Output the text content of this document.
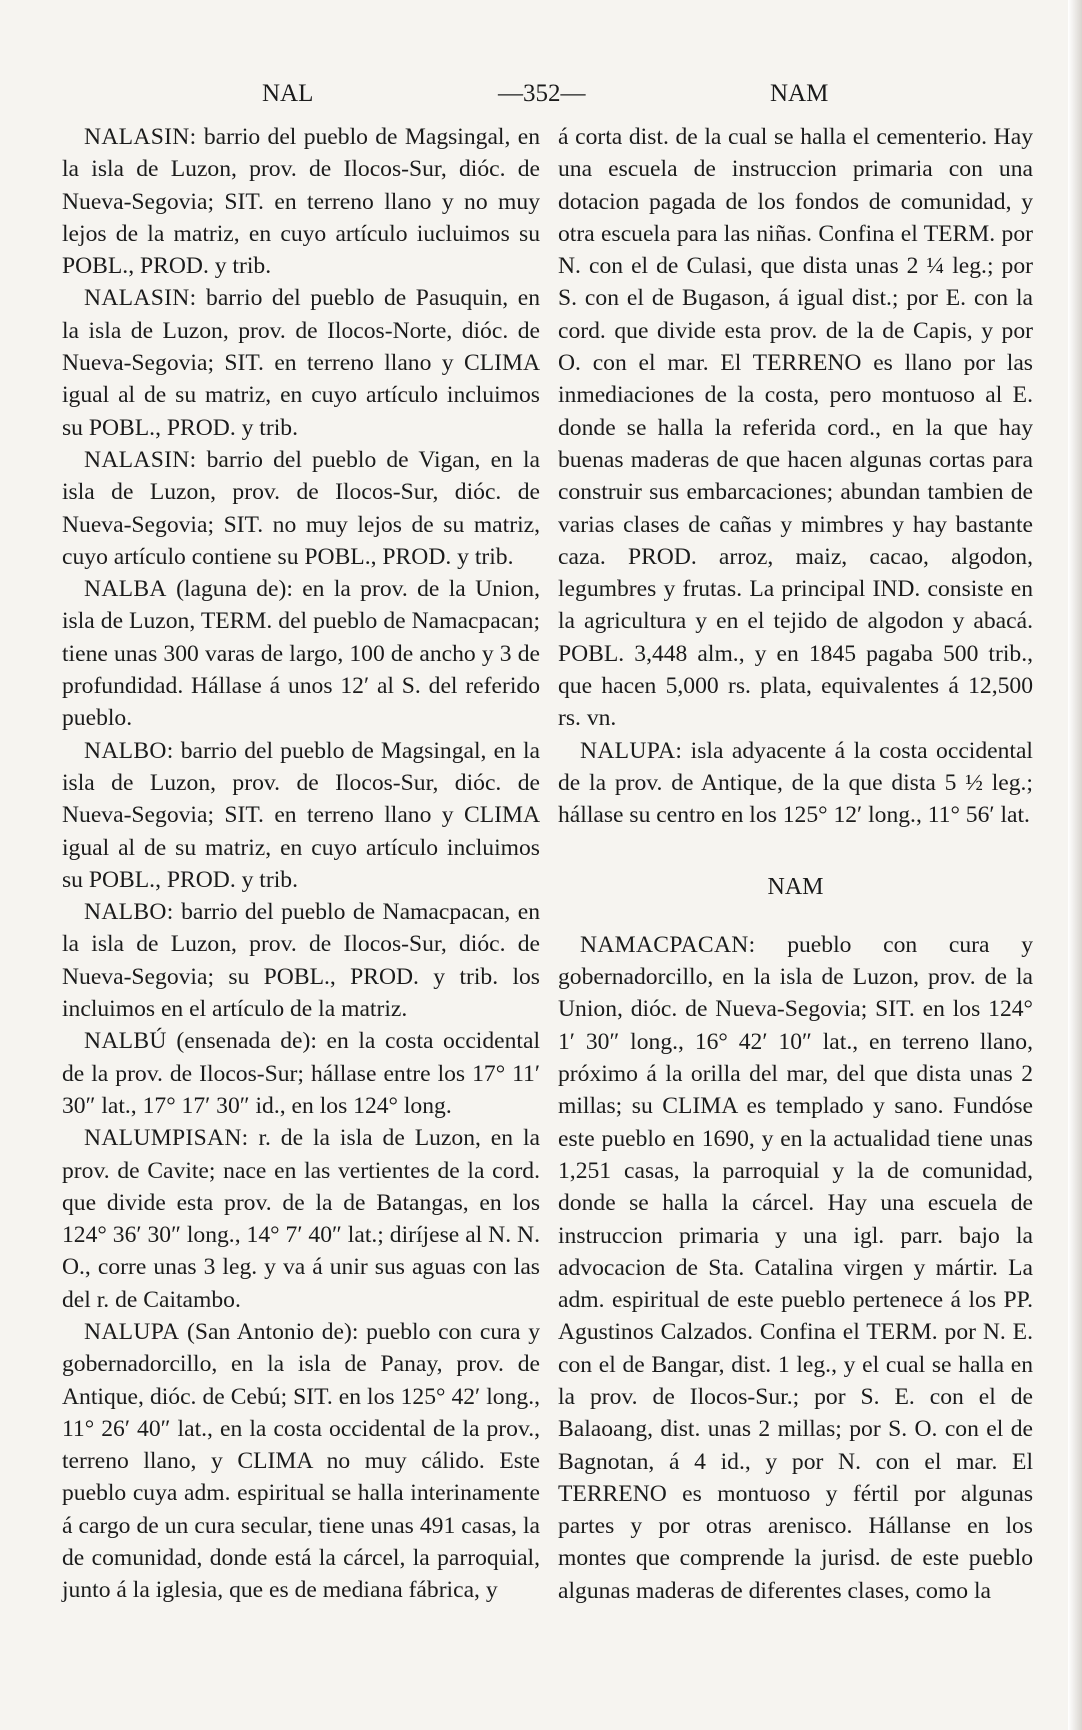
NAL	—352—	NAM

NALASIN: barrio del pueblo de Magsingal, en la isla de Luzon, prov. de Ilocos-Sur, dióc. de Nueva-Segovia; SIT. en terreno llano y no muy lejos de la matriz, en cuyo artículo iucluimos su POBL., PROD. y trib.

NALASIN: barrio del pueblo de Pasuquin, en la isla de Luzon, prov. de Ilocos-Norte, dióc. de Nueva-Segovia; SIT. en terreno llano y CLIMA igual al de su matriz, en cuyo artículo incluimos su POBL., PROD. y trib.

NALASIN: barrio del pueblo de Vigan, en la isla de Luzon, prov. de Ilocos-Sur, dióc. de Nueva-Segovia; SIT. no muy lejos de su matriz, cuyo artículo contiene su POBL., PROD. y trib.

NALBA (laguna de): en la prov. de la Union, isla de Luzon, TERM. del pueblo de Namacpacan; tiene unas 300 varas de largo, 100 de ancho y 3 de profundidad. Hállase á unos 12′ al S. del referido pueblo.

NALBO: barrio del pueblo de Magsingal, en la isla de Luzon, prov. de Ilocos-Sur, dióc. de Nueva-Segovia; SIT. en terreno llano y CLIMA igual al de su matriz, en cuyo artículo incluimos su POBL., PROD. y trib.

NALBO: barrio del pueblo de Namacpacan, en la isla de Luzon, prov. de Ilocos-Sur, dióc. de Nueva-Segovia; su POBL., PROD. y trib. los incluimos en el artículo de la matriz.

NALBÚ (ensenada de): en la costa occidental de la prov. de Ilocos-Sur; hállase entre los 17° 11′ 30″ lat., 17° 17′ 30″ id., en los 124° long.

NALUMPISAN: r. de la isla de Luzon, en la prov. de Cavite; nace en las vertientes de la cord. que divide esta prov. de la de Batangas, en los 124° 36′ 30″ long., 14° 7′ 40″ lat.; diríjese al N. N. O., corre unas 3 leg. y va á unir sus aguas con las del r. de Caitambo.

NALUPA (San Antonio de): pueblo con cura y gobernadorcillo, en la isla de Panay, prov. de Antique, dióc. de Cebú; SIT. en los 125° 42′ long., 11° 26′ 40″ lat., en la costa occidental de la prov., terreno llano, y CLIMA no muy cálido. Este pueblo cuya adm. espiritual se halla interinamente á cargo de un cura secular, tiene unas 491 casas, la de comunidad, donde está la cárcel, la parroquial, junto á la iglesia, que es de mediana fábrica, y

á corta dist. de la cual se halla el cementerio. Hay una escuela de instruccion primaria con una dotacion pagada de los fondos de comunidad, y otra escuela para las niñas. Confina el TERM. por N. con el de Culasi, que dista unas 2 ¼ leg.; por S. con el de Bugason, á igual dist.; por E. con la cord. que divide esta prov. de la de Capis, y por O. con el mar. El TERRENO es llano por las inmediaciones de la costa, pero montuoso al E. donde se halla la referida cord., en la que hay buenas maderas de que hacen algunas cortas para construir sus embarcaciones; abundan tambien de varias clases de cañas y mimbres y hay bastante caza. PROD. arroz, maiz, cacao, algodon, legumbres y frutas. La principal IND. consiste en la agricultura y en el tejido de algodon y abacá. POBL. 3,448 alm., y en 1845 pagaba 500 trib., que hacen 5,000 rs. plata, equivalentes á 12,500 rs. vn.

NALUPA: isla adyacente á la costa occidental de la prov. de Antique, de la que dista 5 ½ leg.; hállase su centro en los 125° 12′ long., 11° 56′ lat.

NAM

NAMACPACAN: pueblo con cura y gobernadorcillo, en la isla de Luzon, prov. de la Union, dióc. de Nueva-Segovia; SIT. en los 124° 1′ 30″ long., 16° 42′ 10″ lat., en terreno llano, próximo á la orilla del mar, del que dista unas 2 millas; su CLIMA es templado y sano. Fundóse este pueblo en 1690, y en la actualidad tiene unas 1,251 casas, la parroquial y la de comunidad, donde se halla la cárcel. Hay una escuela de instruccion primaria y una igl. parr. bajo la advocacion de Sta. Catalina virgen y mártir. La adm. espiritual de este pueblo pertenece á los PP. Agustinos Calzados. Confina el TERM. por N. E. con el de Bangar, dist. 1 leg., y el cual se halla en la prov. de Ilocos-Sur.; por S. E. con el de Balaoang, dist. unas 2 millas; por S. O. con el de Bagnotan, á 4 id., y por N. con el mar. El TERRENO es montuoso y fértil por algunas partes y por otras arenisco. Hállanse en los montes que comprende la jurisd. de este pueblo algunas maderas de diferentes clases, como la
